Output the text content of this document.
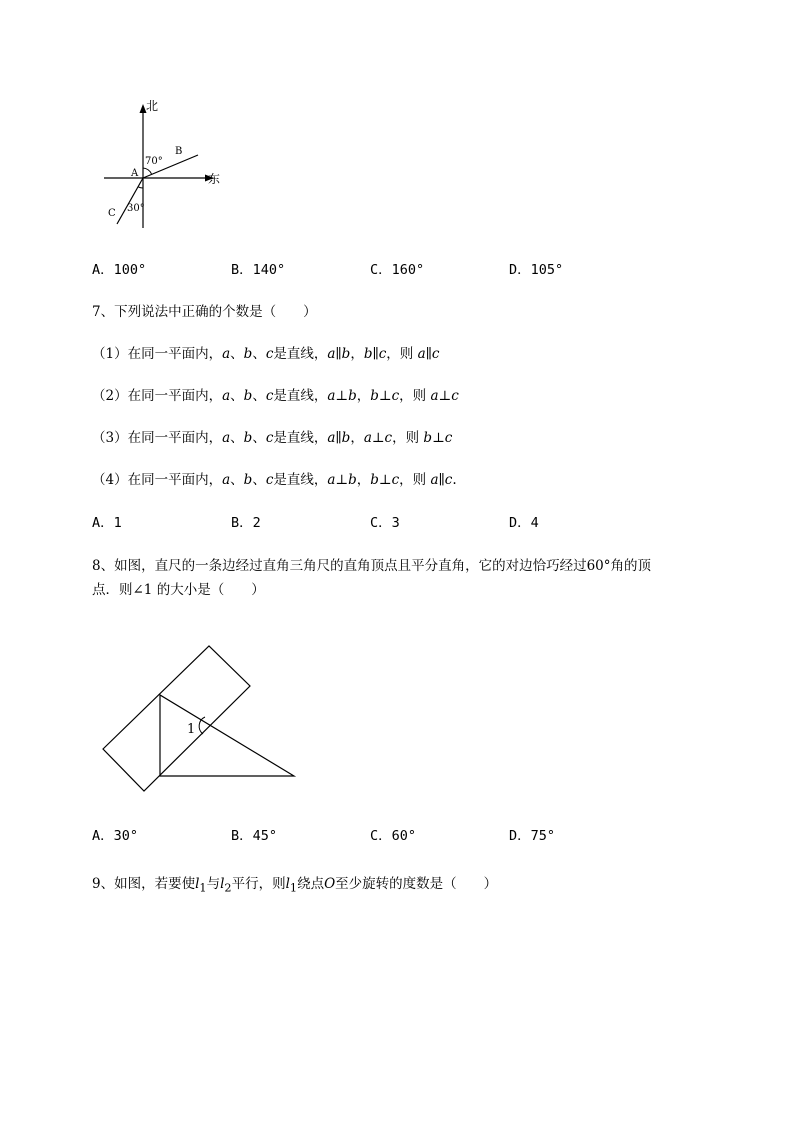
北
东
A
B
C
70°
30°
A．100°	B．140°	C．160°	D．105°
7、下列说法中正确的个数是（　　）
（1）在同一平面内，a、b、c是直线，a∥b，b∥c，则 a∥c
（2）在同一平面内，a、b、c是直线，a⊥b，b⊥c，则 a⊥c
（3）在同一平面内，a、b、c是直线，a∥b，a⊥c，则 b⊥c
（4）在同一平面内，a、b、c是直线，a⊥b，b⊥c，则 a∥c.
A．1	B．2	C．3	D．4
8、如图，直尺的一条边经过直角三角尺的直角顶点且平分直角，它的对边恰巧经过60°角的顶
点．则∠1 的大小是（　　）
1
A．30°	B．45°	C．60°	D．75°
9、如图，若要使$l_1$与$l_2$平行，则$l_1$绕点O至少旋转的度数是（　　）
